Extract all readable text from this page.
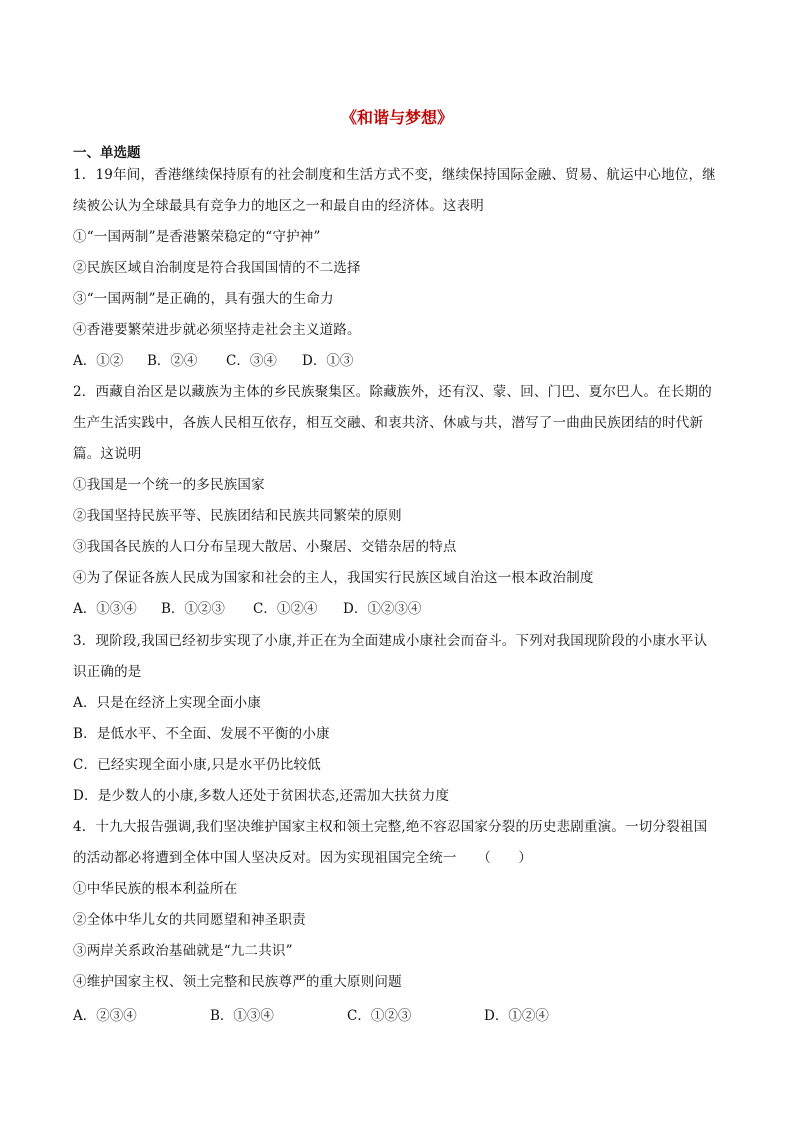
《和谐与梦想》
一、单选题
1．19年间，香港继续保持原有的社会制度和生活方式不变，继续保持国际金融、贸易、航运中心地位，继
续被公认为全球最具有竞争力的地区之一和最自由的经济体。这表明
①“一国两制”是香港繁荣稳定的“守护神”
②民族区域自治制度是符合我国国情的不二选择
③“一国两制”是正确的，具有强大的生命力
④香港要繁荣进步就必须坚持走社会主义道路。
A．①② B．②④ C．③④ D．①③
2．西藏自治区是以藏族为主体的乡民族聚集区。除藏族外，还有汉、蒙、回、门巴、夏尔巴人。在长期的
生产生活实践中，各族人民相互依存，相互交融、和衷共济、休戚与共，潜写了一曲曲民族团结的时代新
篇。这说明
①我国是一个统一的多民族国家
②我国坚持民族平等、民族团结和民族共同繁荣的原则
③我国各民族的人口分布呈现大散居、小聚居、交错杂居的特点
④为了保证各族人民成为国家和社会的主人，我国实行民族区域自治这一根本政治制度
A．①③④ B．①②③ C．①②④ D．①②③④
3．现阶段,我国已经初步实现了小康,并正在为全面建成小康社会而奋斗。下列对我国现阶段的小康水平认
识正确的是
A．只是在经济上实现全面小康
B．是低水平、不全面、发展不平衡的小康
C．已经实现全面小康,只是水平仍比较低
D．是少数人的小康,多数人还处于贫困状态,还需加大扶贫力度
4．十九大报告强调,我们坚决维护国家主权和领土完整,绝不容忍国家分裂的历史悲剧重演。一切分裂祖国
的活动都必将遭到全体中国人坚决反对。因为实现祖国完全统一　　（　　）
①中华民族的根本利益所在
②全体中华儿女的共同愿望和神圣职责
③两岸关系政治基础就是“九二共识”
④维护国家主权、领土完整和民族尊严的重大原则问题
A．②③④	B．①③④	C．①②③	D．①②④
